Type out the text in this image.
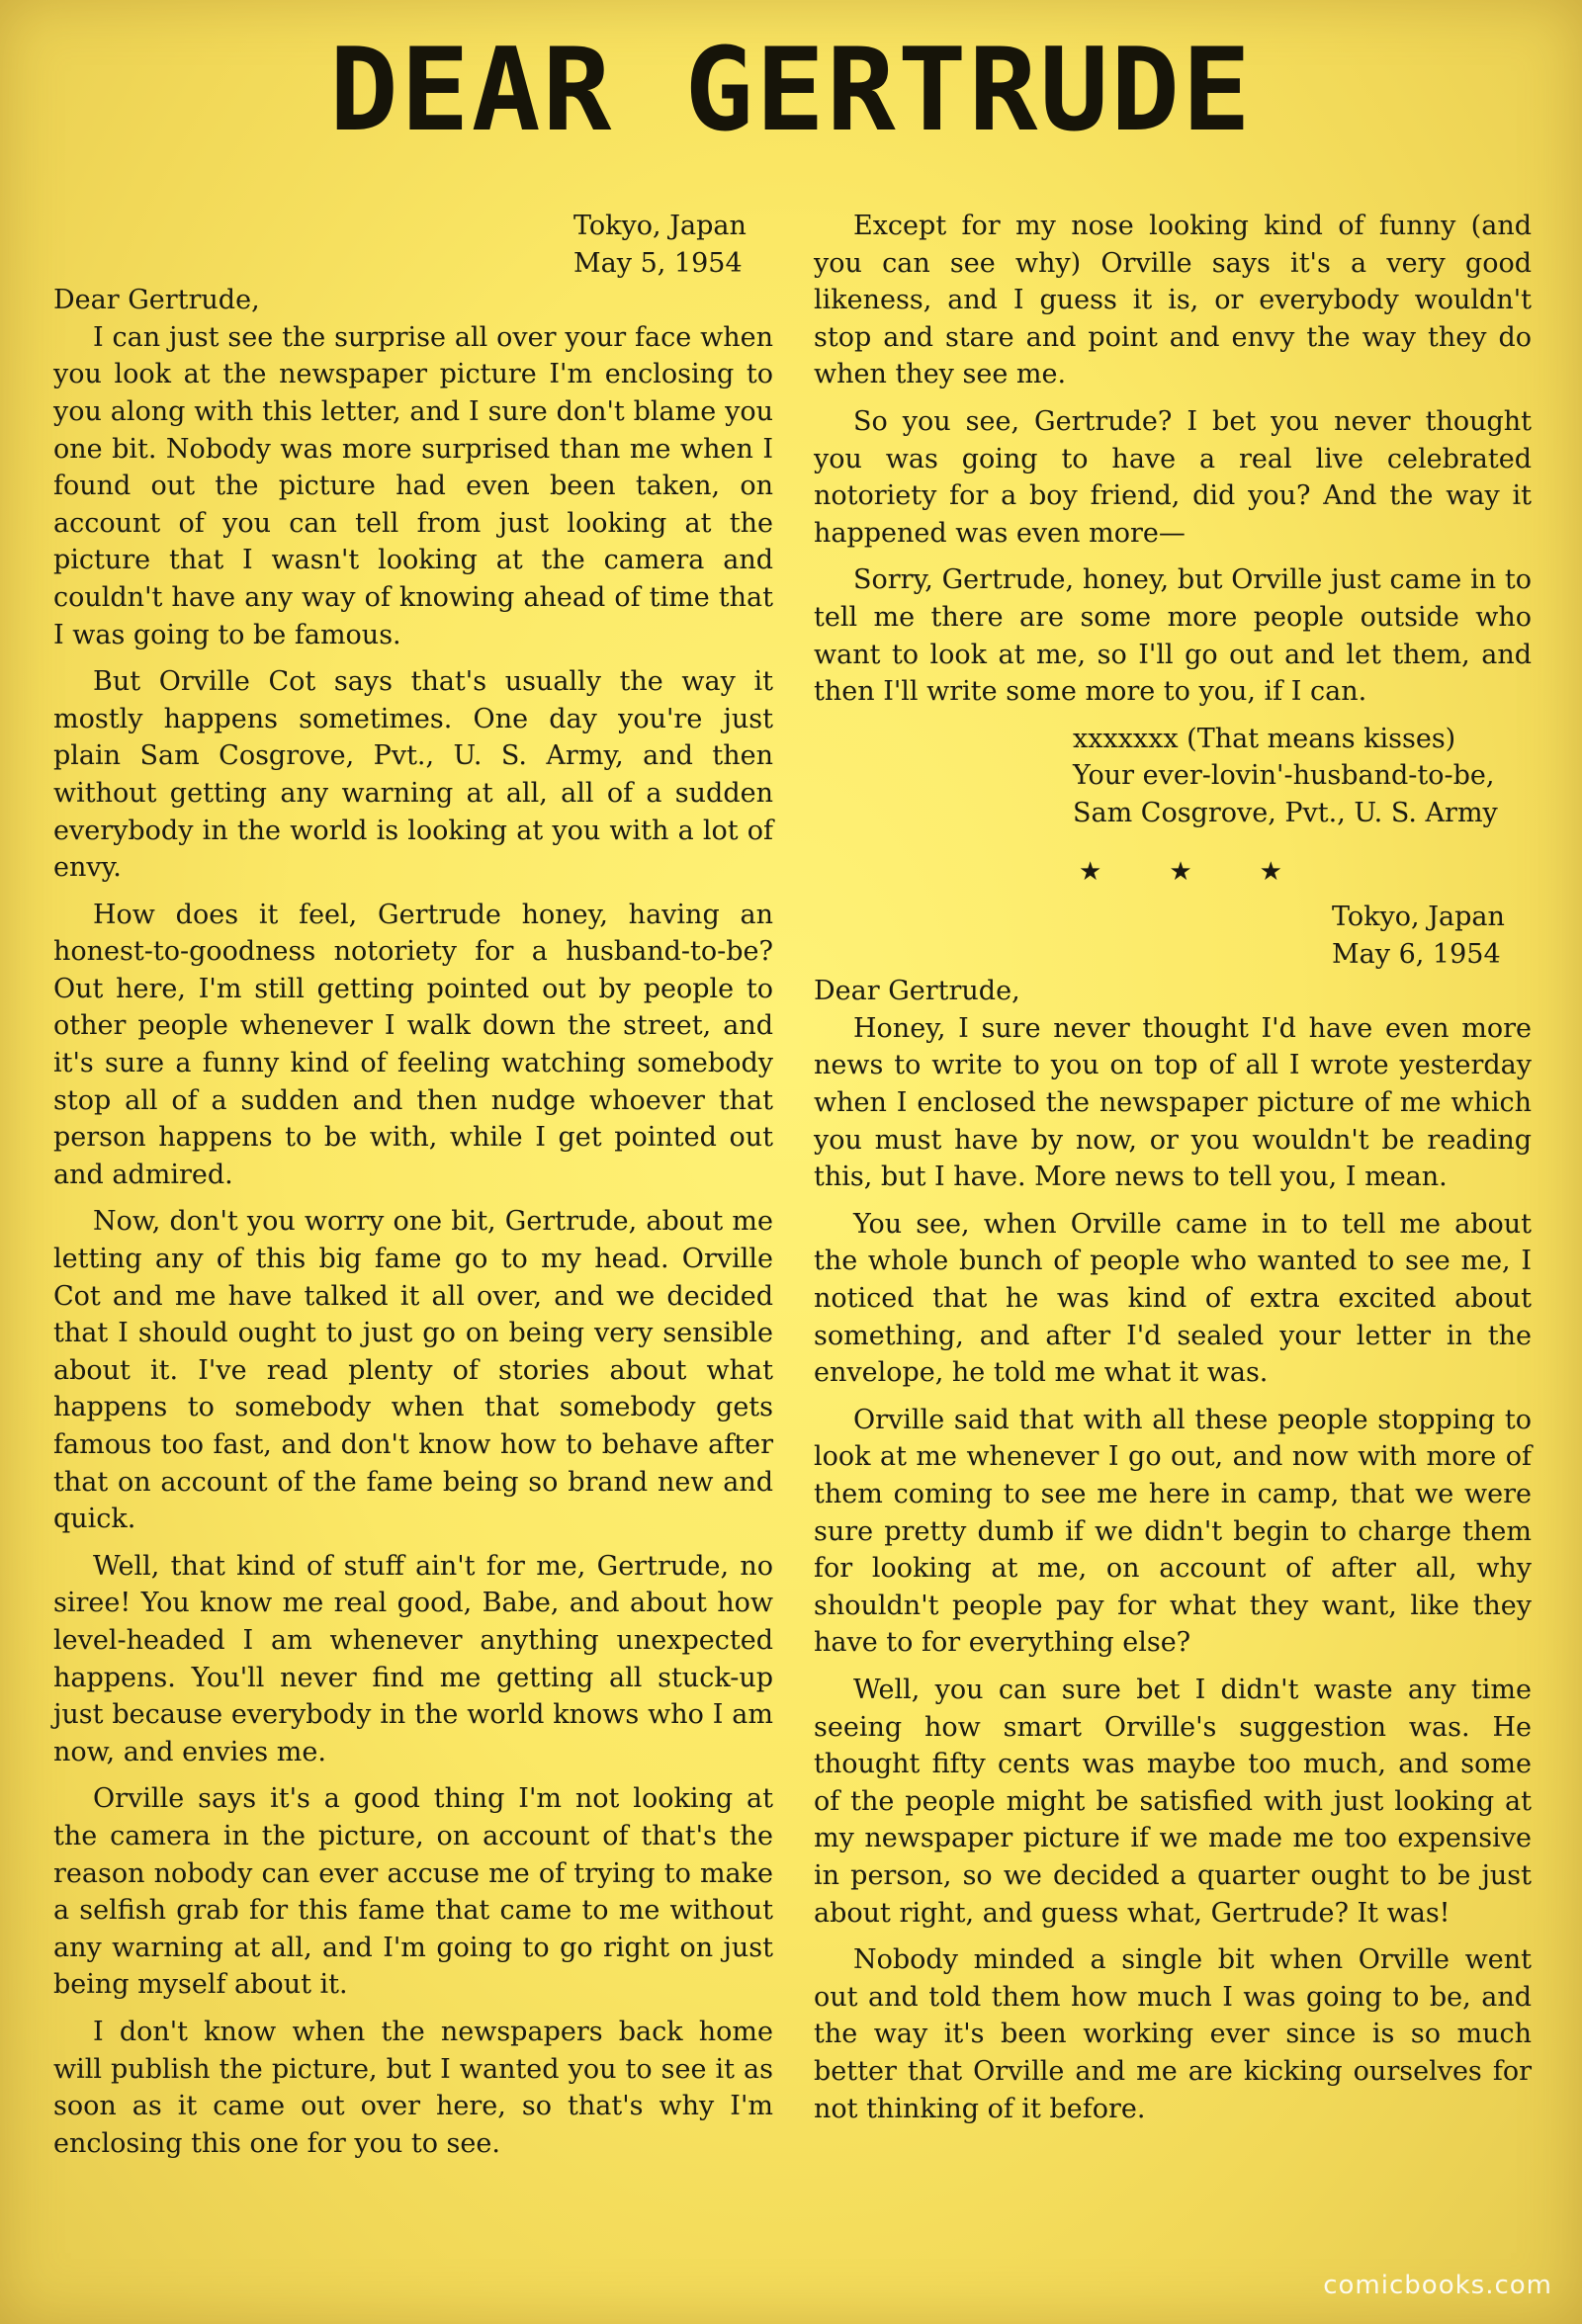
DEAR GERTRUDE
Tokyo, Japan
May 5, 1954

Dear Gertrude,

I can just see the surprise all over your face when you look at the newspaper picture I'm enclosing to you along with this letter, and I sure don't blame you one bit. Nobody was more surprised than me when I found out the picture had even been taken, on account of you can tell from just looking at the picture that I wasn't looking at the camera and couldn't have any way of knowing ahead of time that I was going to be famous.

But Orville Cot says that's usually the way it mostly happens sometimes. One day you're just plain Sam Cosgrove, Pvt., U. S. Army, and then without getting any warning at all, all of a sudden everybody in the world is looking at you with a lot of envy.

How does it feel, Gertrude honey, having an honest-to-goodness notoriety for a husband-to-be? Out here, I'm still getting pointed out by people to other people whenever I walk down the street, and it's sure a funny kind of feeling watching somebody stop all of a sudden and then nudge whoever that person happens to be with, while I get pointed out and admired.

Now, don't you worry one bit, Gertrude, about me letting any of this big fame go to my head. Orville Cot and me have talked it all over, and we decided that I should ought to just go on being very sensible about it. I've read plenty of stories about what happens to somebody when that somebody gets famous too fast, and don't know how to behave after that on account of the fame being so brand new and quick.

Well, that kind of stuff ain't for me, Gertrude, no siree! You know me real good, Babe, and about how level-headed I am whenever anything unexpected happens. You'll never find me getting all stuck-up just because everybody in the world knows who I am now, and envies me.

Orville says it's a good thing I'm not looking at the camera in the picture, on account of that's the reason nobody can ever accuse me of trying to make a selfish grab for this fame that came to me without any warning at all, and I'm going to go right on just being myself about it.

I don't know when the newspapers back home will publish the picture, but I wanted you to see it as soon as it came out over here, so that's why I'm enclosing this one for you to see.

Except for my nose looking kind of funny (and you can see why) Orville says it's a very good likeness, and I guess it is, or everybody wouldn't stop and stare and point and envy the way they do when they see me.

So you see, Gertrude? I bet you never thought you was going to have a real live celebrated notoriety for a boy friend, did you? And the way it happened was even more—

Sorry, Gertrude, honey, but Orville just came in to tell me there are some more people outside who want to look at me, so I'll go out and let them, and then I'll write some more to you, if I can.

xxxxxxx (That means kisses)
Your ever-lovin'-husband-to-be,
Sam Cosgrove, Pvt., U. S. Army
★ ★ ★
Tokyo, Japan
May 6, 1954

Dear Gertrude,

Honey, I sure never thought I'd have even more news to write to you on top of all I wrote yesterday when I enclosed the newspaper picture of me which you must have by now, or you wouldn't be reading this, but I have. More news to tell you, I mean.

You see, when Orville came in to tell me about the whole bunch of people who wanted to see me, I noticed that he was kind of extra excited about something, and after I'd sealed your letter in the envelope, he told me what it was.

Orville said that with all these people stopping to look at me whenever I go out, and now with more of them coming to see me here in camp, that we were sure pretty dumb if we didn't begin to charge them for looking at me, on account of after all, why shouldn't people pay for what they want, like they have to for everything else?

Well, you can sure bet I didn't waste any time seeing how smart Orville's suggestion was. He thought fifty cents was maybe too much, and some of the people might be satisfied with just looking at my newspaper picture if we made me too expensive in person, so we decided a quarter ought to be just about right, and guess what, Gertrude? It was!

Nobody minded a single bit when Orville went out and told them how much I was going to be, and the way it's been working ever since is so much better that Orville and me are kicking ourselves for not thinking of it before.

comicbooks.com
